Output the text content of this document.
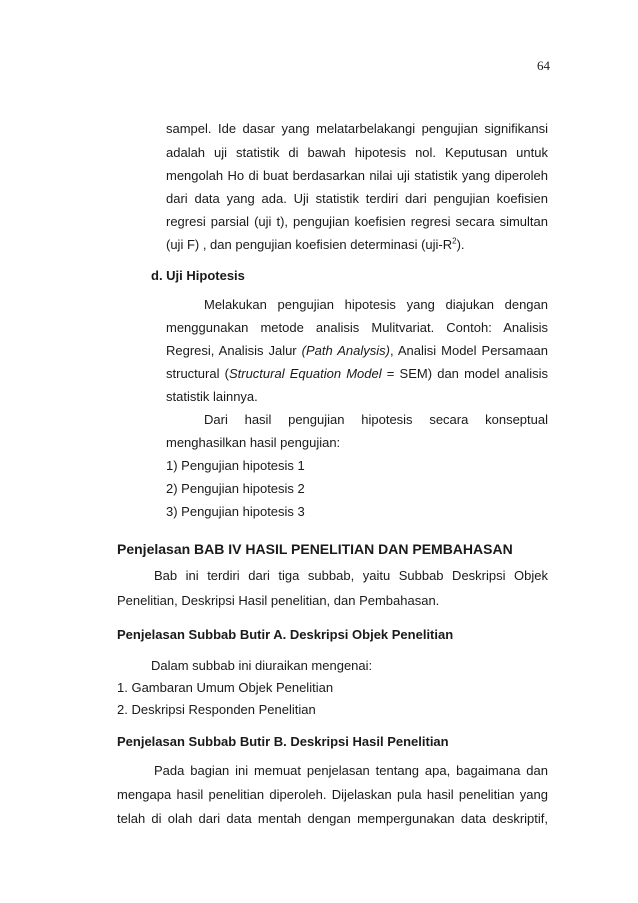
64
sampel. Ide dasar yang melatarbelakangi pengujian signifikansi
adalah uji statistik di bawah hipotesis nol. Keputusan untuk
mengolah Ho di buat berdasarkan nilai uji statistik yang diperoleh
dari data yang ada. Uji statistik terdiri dari pengujian koefisien
regresi parsial (uji t), pengujian koefisien regresi secara simultan
(uji F) , dan pengujian koefisien determinasi $(uji-R^2)$.
d. Uji Hipotesis
Melakukan pengujian hipotesis yang diajukan dengan
menggunakan metode analisis Mulitvariat. Contoh: Analisis
Regresi, Analisis Jalur (Path Analysis), Analisi Model Persamaan
structural (Structural Equation Model = SEM) dan model analisis
statistik lainnya.
Dari hasil pengujian hipotesis secara konseptual
menghasilkan hasil pengujian:
1) Pengujian hipotesis 1
2) Pengujian hipotesis 2
3) Pengujian hipotesis 3
Penjelasan BAB IV HASIL PENELITIAN DAN PEMBAHASAN
Bab ini terdiri dari tiga subbab, yaitu Subbab Deskripsi Objek
Penelitian, Deskripsi Hasil penelitian, dan Pembahasan.
Penjelasan Subbab Butir A. Deskripsi Objek Penelitian
Dalam subbab ini diuraikan mengenai:
1. Gambaran Umum Objek Penelitian
2. Deskripsi Responden Penelitian
Penjelasan Subbab Butir B. Deskripsi Hasil Penelitian
Pada bagian ini memuat penjelasan tentang apa, bagaimana dan
mengapa hasil penelitian diperoleh. Dijelaskan pula hasil penelitian yang
telah di olah dari data mentah dengan mempergunakan data deskriptif,
